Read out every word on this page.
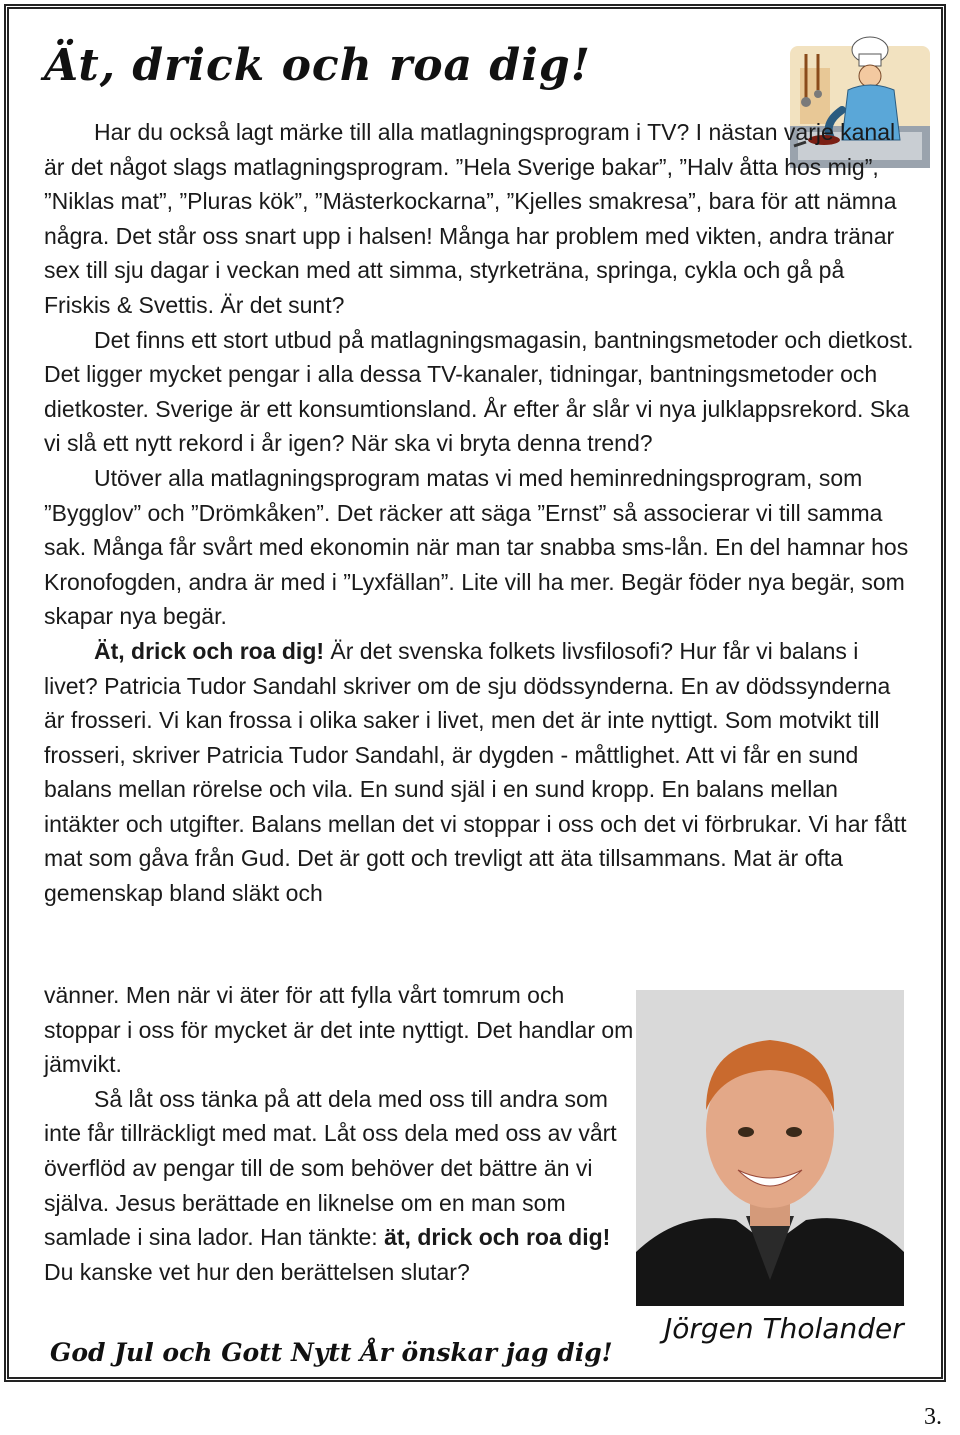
Ät, drick och roa dig!

Har du också lagt märke till alla matlagningsprogram i TV? I nästan varje kanal är det något slags matlagningsprogram. ”Hela Sverige bakar”, ”Halv åtta hos mig”, ”Niklas mat”, ”Pluras kök”, ”Mästerkockarna”, ”Kjelles smakresa”, bara för att nämna några. Det står oss snart upp i halsen! Många har problem med vikten, andra tränar sex till sju dagar i veckan med att simma, styrketräna, springa, cykla och gå på Friskis & Svettis. Är det sunt?

Det finns ett stort utbud på matlagningsmagasin, bantningsmetoder och dietkost. Det ligger mycket pengar i alla dessa TV-kanaler, tidningar, bantningsmetoder och dietkoster. Sverige är ett konsumtionsland. År efter år slår vi nya julklappsrekord. Ska vi slå ett nytt rekord i år igen? När ska vi bryta denna trend?

Utöver alla matlagningsprogram matas vi med heminredningsprogram, som ”Bygglov” och ”Drömkåken”. Det räcker att säga ”Ernst” så associerar vi till samma sak. Många får svårt med ekonomin när man tar snabba sms-lån. En del hamnar hos Kronofogden, andra är med i ”Lyxfällan”. Lite vill ha mer. Begär föder nya begär, som skapar nya begär.

Ät, drick och roa dig! Är det svenska folkets livsfilosofi? Hur får vi balans i livet? Patricia Tudor Sandahl skriver om de sju dödssynderna. En av dödssynderna är frosseri. Vi kan frossa i olika saker i livet, men det är inte nyttigt. Som motvikt till frosseri, skriver Patricia Tudor Sandahl, är dygden - måttlighet. Att vi får en sund balans mellan rörelse och vila. En sund själ i en sund kropp. En balans mellan intäkter och utgifter. Balans mellan det vi stoppar i oss och det vi förbrukar. Vi har fått mat som gåva från Gud. Det är gott och trevligt att äta tillsammans. Mat är ofta gemenskap bland släkt och

vänner. Men när vi äter för att fylla vårt tomrum och stoppar i oss för mycket är det inte nyttigt. Det handlar om jämvikt.

Så låt oss tänka på att dela med oss till andra som inte får tillräckligt med mat. Låt oss dela med oss av vårt överflöd av pengar till de som behöver det bättre än vi själva. Jesus berättade en liknelse om en man som samlade i sina lador. Han tänkte: ät, drick och roa dig! Du kanske vet hur den berättelsen slutar?

Jörgen Tholander
God Jul och Gott Nytt År önskar jag dig!
3.
